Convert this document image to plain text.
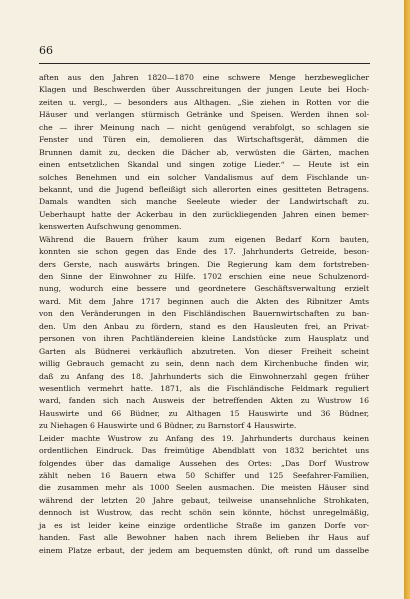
66
aften aus den Jahren 1820—1870 eine schwere Menge herzbeweglicher
Klagen und Beschwerden über Ausschreitungen der jungen Leute bei Hoch-
zeiten u. vergl., — besonders aus Althagen. „Sie ziehen in Rotten vor die
Häuser und verlangen stürmisch Getränke und Speisen. Werden ihnen sol-
che — ihrer Meinung nach — nicht genügend verabfolgt, so schlagen sie
Fenster und Türen ein, demolieren das Wirtschaftsgerät, dämmen die
Brunnen damit zu, decken die Dächer ab, verwüsten die Gärten, machen
einen entsetzlichen Skandal und singen zotige Lieder.“ — Heute ist ein
solches Benehmen und ein solcher Vandalismus auf dem Fischlande un-
bekannt, und die Jugend befleißigt sich allerorten eines gesitteten Betragens.
Damals wandten sich manche Seeleute wieder der Landwirtschaft zu.
Ueberhaupt hatte der Ackerbau in den zurückliegenden Jahren einen bemer-
kenswerten Aufschwung genommen.
Während die Bauern früher kaum zum eigenen Bedarf Korn bauten,
konnten sie schon gegen das Ende des 17. Jahrhunderts Getreide, beson-
ders Gerste, nach auswärts bringen. Die Regierung kam dem fortstreben-
den Sinne der Einwohner zu Hilfe. 1702 erschien eine neue Schulzenord-
nung, wodurch eine bessere und geordnetere Geschäftsverwaltung erzielt
ward. Mit dem Jahre 1717 beginnen auch die Akten des Ribnitzer Amts
von den Veränderungen in den Fischländischen Bauernwirtschaften zu ban-
den. Um den Anbau zu fördern, stand es den Hausleuten frei, an Privat-
personen von ihren Pachtländereien kleine Landstücke zum Hausplatz und
Garten als Büdnerei verkäuflich abzutreten. Von dieser Freiheit scheint
willig Gebrauch gemacht zu sein, denn nach dem Kirchenbuche finden wir,
daß zu Anfang des 18. Jahrhunderts sich die Einwohnerzahl gegen früher
wesentlich vermehrt hatte. 1871, als die Fischländische Feldmark reguliert
ward, fanden sich nach Ausweis der betreffenden Akten zu Wustrow 16
Hauswirte und 66 Büdner, zu Althagen 15 Hauswirte und 36 Büdner,
zu Niehagen 6 Hauswirte und 6 Büdner, zu Barnstorf 4 Hauswirte.
Leider machte Wustrow zu Anfang des 19. Jahrhunderts durchaus keinen
ordentlichen Eindruck. Das freimütige Abendblatt von 1832 berichtet uns
folgendes über das damalige Aussehen des Ortes: „Das Dorf Wustrow
zählt neben 16 Bauern etwa 50 Schiffer und 125 Seefahrer-Familien,
die zusammen mehr als 1000 Seelen ausmachen. Die meisten Häuser sind
während der letzten 20 Jahre gebaut, teilweise unansehnliche Strohkaten,
dennoch ist Wustrow, das recht schön sein könnte, höchst unregelmäßig,
ja es ist leider keine einzige ordentliche Straße im ganzen Dorfe vor-
handen. Fast alle Bewohner haben nach ihrem Belieben ihr Haus auf
einem Platze erbaut, der jedem am bequemsten dünkt, oft rund um dasselbe
